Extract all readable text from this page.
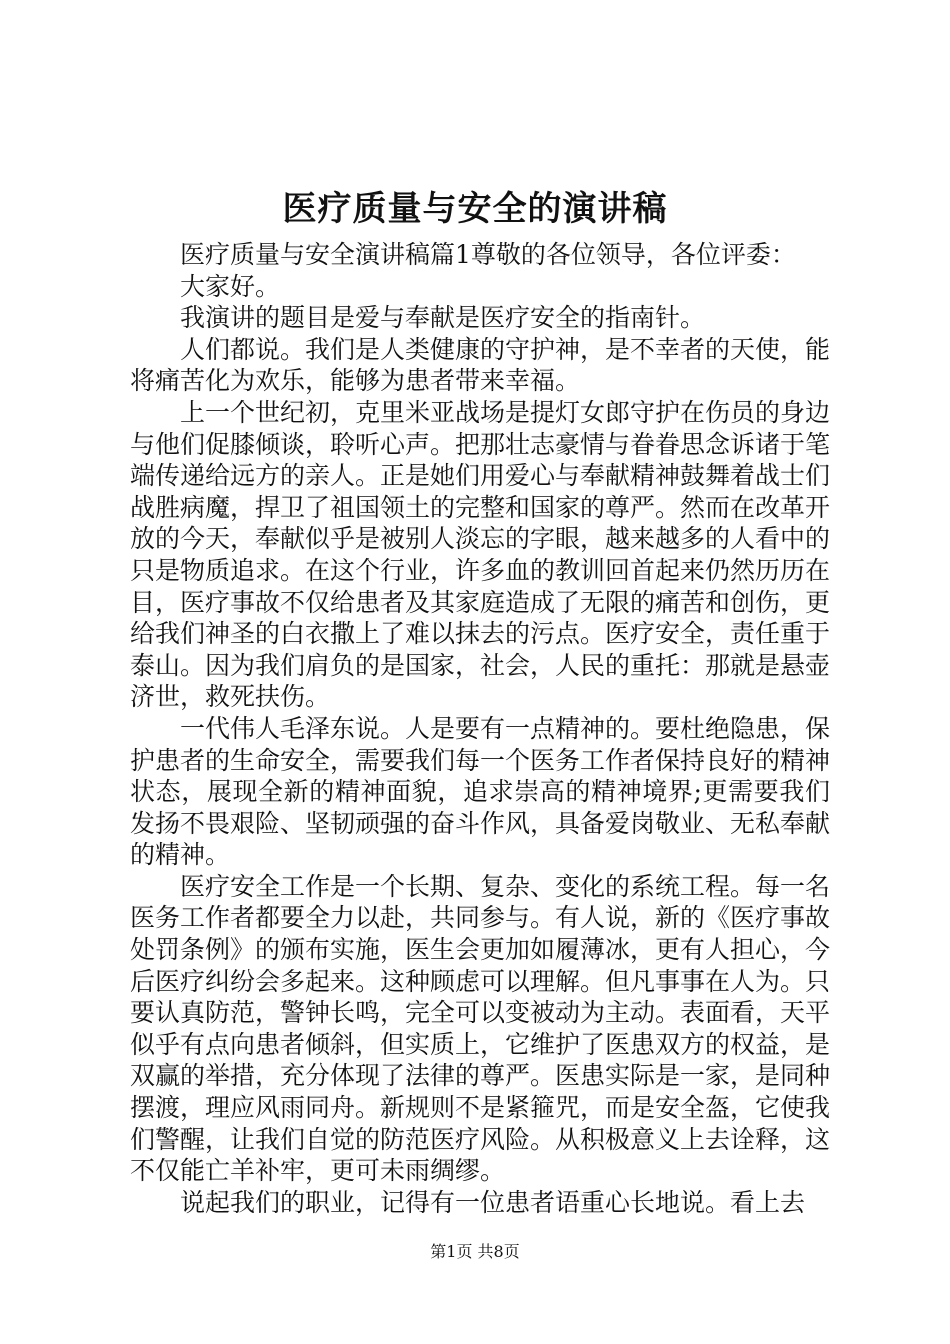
医疗质量与安全的演讲稿

医疗质量与安全演讲稿篇1尊敬的各位领导，各位评委：

大家好。

我演讲的题目是爱与奉献是医疗安全的指南针。

人们都说。我们是人类健康的守护神，是不幸者的天使，能将痛苦化为欢乐，能够为患者带来幸福。

上一个世纪初，克里米亚战场是提灯女郎守护在伤员的身边与他们促膝倾谈，聆听心声。把那壮志豪情与眷眷思念诉诸于笔端传递给远方的亲人。正是她们用爱心与奉献精神鼓舞着战士们战胜病魔，捍卫了祖国领土的完整和国家的尊严。然而在改革开放的今天，奉献似乎是被别人淡忘的字眼，越来越多的人看中的只是物质追求。在这个行业，许多血的教训回首起来仍然历历在目，医疗事故不仅给患者及其家庭造成了无限的痛苦和创伤，更给我们神圣的白衣撒上了难以抹去的污点。医疗安全，责任重于泰山。因为我们肩负的是国家，社会，人民的重托：那就是悬壶济世，救死扶伤。

一代伟人毛泽东说。人是要有一点精神的。要杜绝隐患，保护患者的生命安全，需要我们每一个医务工作者保持良好的精神状态，展现全新的精神面貌，追求崇高的精神境界;更需要我们发扬不畏艰险、坚韧顽强的奋斗作风，具备爱岗敬业、无私奉献的精神。

医疗安全工作是一个长期、复杂、变化的系统工程。每一名医务工作者都要全力以赴，共同参与。有人说，新的《医疗事故处罚条例》的颁布实施，医生会更加如履薄冰，更有人担心，今后医疗纠纷会多起来。这种顾虑可以理解。但凡事事在人为。只要认真防范，警钟长鸣，完全可以变被动为主动。表面看，天平似乎有点向患者倾斜，但实质上，它维护了医患双方的权益，是双赢的举措，充分体现了法律的尊严。医患实际是一家，是同种摆渡，理应风雨同舟。新规则不是紧箍咒，而是安全盔，它使我们警醒，让我们自觉的防范医疗风险。从积极意义上去诠释，这不仅能亡羊补牢，更可未雨绸缪。

说起我们的职业，记得有一位患者语重心长地说。看上去

第1页 共8页
